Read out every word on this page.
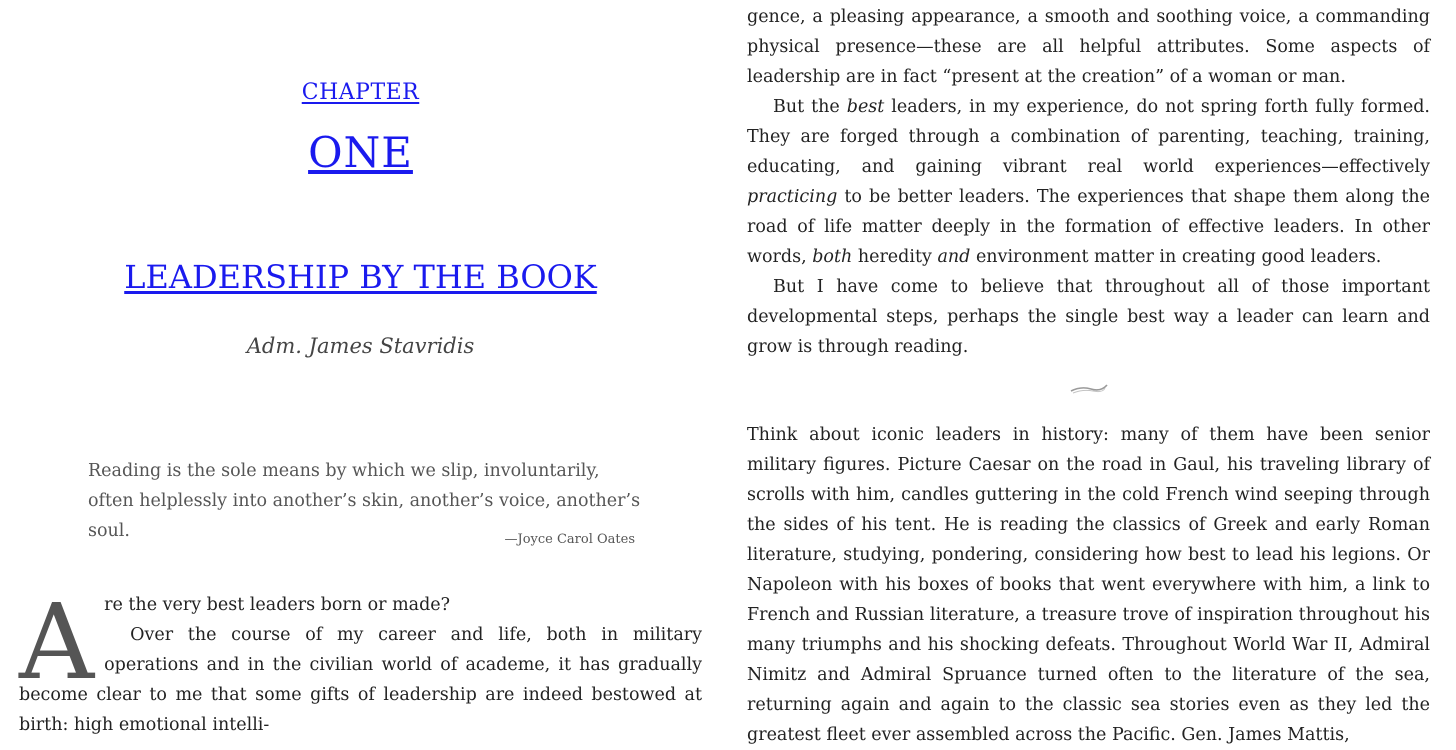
CHAPTER
ONE
LEADERSHIP BY THE BOOK
Adm. James Stavridis
Reading is the sole means by which we slip, involuntarily, often helplessly into another’s skin, another’s voice, another’s soul.	—Joyce Carol Oates
A re the very best leaders born or made?

Over the course of my career and life, both in military operations and in the civilian world of academe, it has gradually become clear to me that some gifts of leadership are indeed bestowed at birth: high emotional intelli-

gence, a pleasing appearance, a smooth and soothing voice, a commanding physical presence—these are all helpful attributes. Some aspects of leadership are in fact “present at the creation” of a woman or man.

But the best leaders, in my experience, do not spring forth fully formed. They are forged through a combination of parenting, teaching, training, educating, and gaining vibrant real world experiences—effectively practicing to be better leaders. The experiences that shape them along the road of life matter deeply in the formation of effective leaders. In other words, both heredity and environment matter in creating good leaders.

But I have come to believe that throughout all of those important developmental steps, perhaps the single best way a leader can learn and grow is through reading.

Think about iconic leaders in history: many of them have been senior military figures. Picture Caesar on the road in Gaul, his traveling library of scrolls with him, candles guttering in the cold French wind seeping through the sides of his tent. He is reading the classics of Greek and early Roman literature, studying, pondering, considering how best to lead his legions. Or Napoleon with his boxes of books that went everywhere with him, a link to French and Russian literature, a treasure trove of inspiration throughout his many triumphs and his shocking defeats. Throughout World War II, Admiral Nimitz and Admiral Spruance turned often to the literature of the sea, returning again and again to the classic sea stories even as they led the greatest fleet ever assembled across the Pacific. Gen. James Mattis,
